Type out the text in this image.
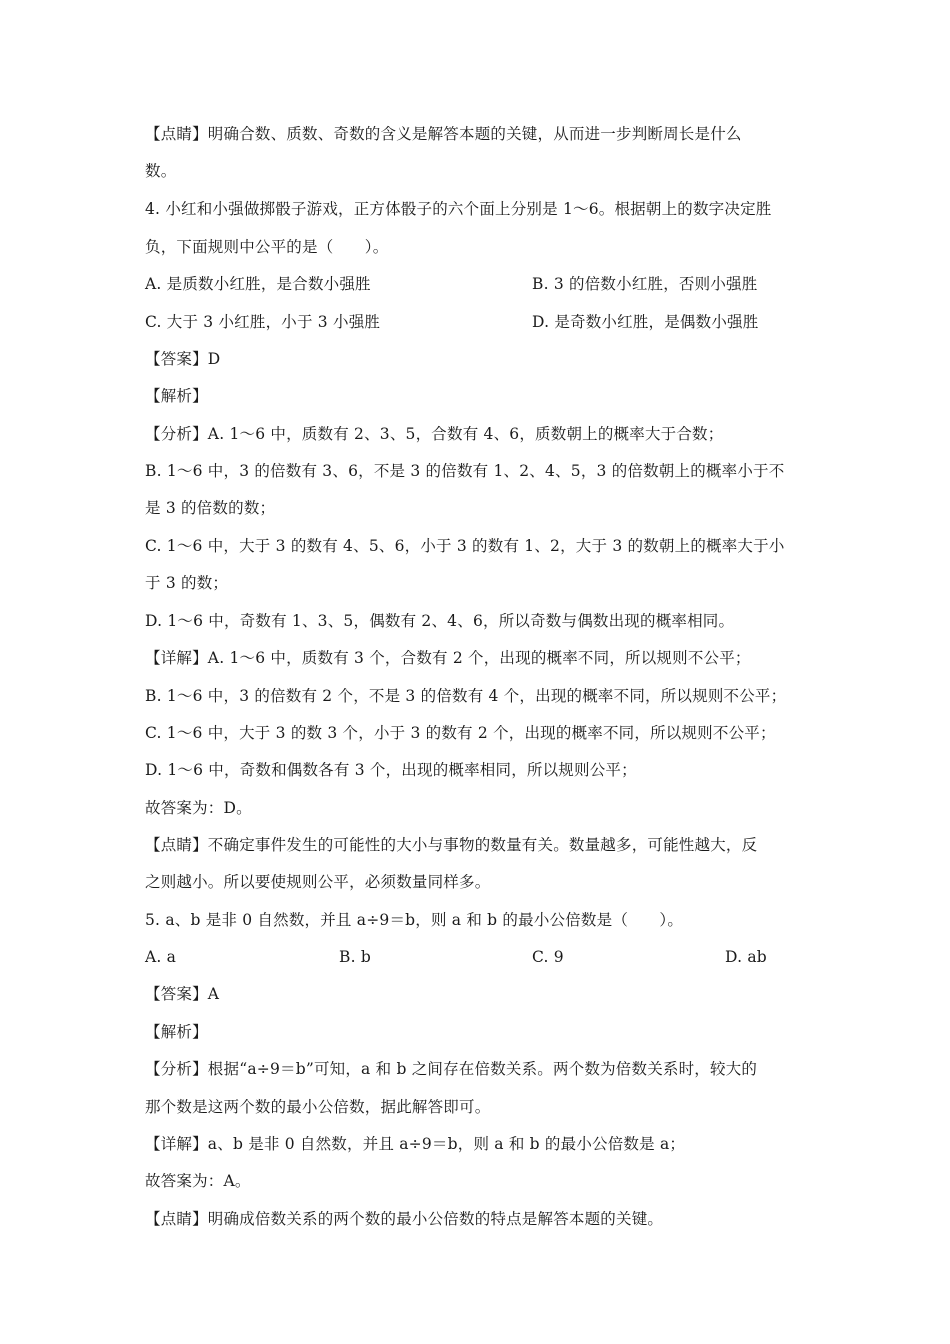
【点睛】明确合数、质数、奇数的含义是解答本题的关键，从而进一步判断周长是什么
数。
4. 小红和小强做掷骰子游戏，正方体骰子的六个面上分别是 1～6。根据朝上的数字决定胜
负，下面规则中公平的是（　　）。
A. 是质数小红胜，是合数小强胜	B. 3 的倍数小红胜，否则小强胜
C. 大于 3 小红胜，小于 3 小强胜	D. 是奇数小红胜，是偶数小强胜
【答案】D
【解析】
【分析】A. 1～6 中，质数有 2、3、5，合数有 4、6，质数朝上的概率大于合数；
B. 1～6 中，3 的倍数有 3、6，不是 3 的倍数有 1、2、4、5，3 的倍数朝上的概率小于不
是 3 的倍数的数；
C. 1～6 中，大于 3 的数有 4、5、6，小于 3 的数有 1、2，大于 3 的数朝上的概率大于小
于 3 的数；
D. 1～6 中，奇数有 1、3、5，偶数有 2、4、6，所以奇数与偶数出现的概率相同。
【详解】A. 1～6 中，质数有 3 个，合数有 2 个，出现的概率不同，所以规则不公平；
B. 1～6 中，3 的倍数有 2 个，不是 3 的倍数有 4 个，出现的概率不同，所以规则不公平；
C. 1～6 中，大于 3 的数 3 个，小于 3 的数有 2 个，出现的概率不同，所以规则不公平；
D. 1～6 中，奇数和偶数各有 3 个，出现的概率相同，所以规则公平；
故答案为：D。
【点睛】不确定事件发生的可能性的大小与事物的数量有关。数量越多，可能性越大，反
之则越小。所以要使规则公平，必须数量同样多。
5. a、b 是非 0 自然数，并且 a÷9＝b，则 a 和 b 的最小公倍数是（　　）。
A. a	B. b	C. 9	D. ab
【答案】A
【解析】
【分析】根据“a÷9＝b”可知，a 和 b 之间存在倍数关系。两个数为倍数关系时，较大的
那个数是这两个数的最小公倍数，据此解答即可。
【详解】a、b 是非 0 自然数，并且 a÷9＝b，则 a 和 b 的最小公倍数是 a；
故答案为：A。
【点睛】明确成倍数关系的两个数的最小公倍数的特点是解答本题的关键。
